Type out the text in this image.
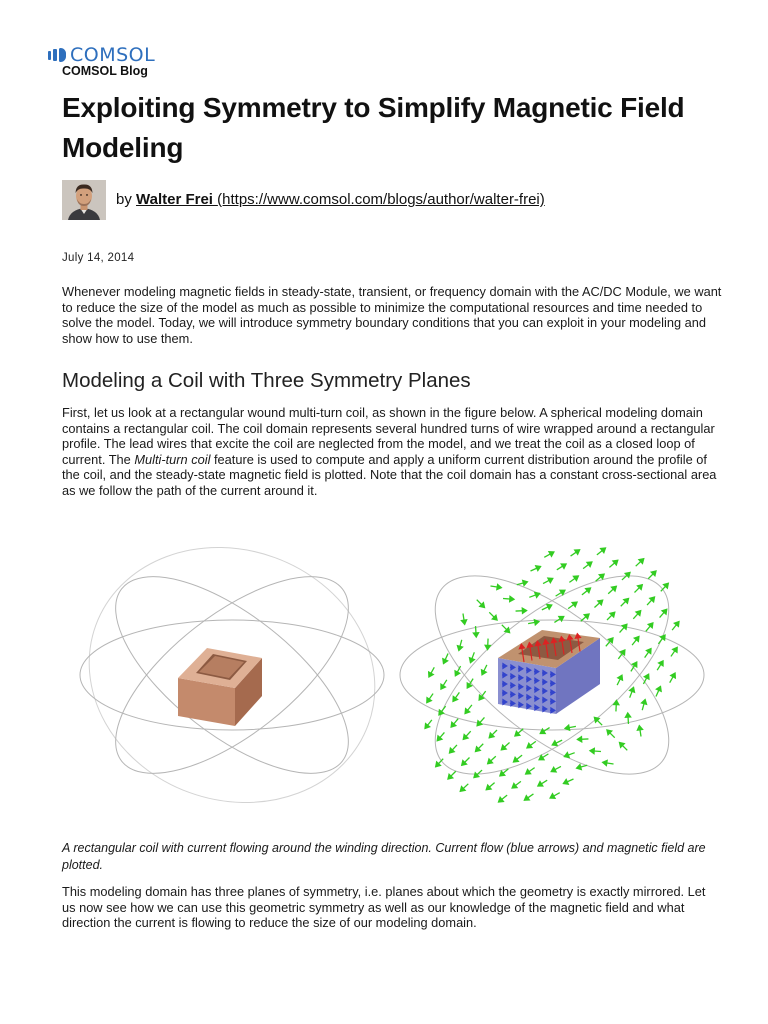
COMSOL
COMSOL Blog
Exploiting Symmetry to Simplify Magnetic Field Modeling
by Walter Frei (https://www.comsol.com/blogs/author/walter-frei)
July 14, 2014

Whenever modeling magnetic fields in steady-state, transient, or frequency domain with the AC/DC Module, we want to reduce the size of the model as much as possible to minimize the computational resources and time needed to solve the model. Today, we will introduce symmetry boundary conditions that you can exploit in your modeling and show how to use them.

Modeling a Coil with Three Symmetry Planes

First, let us look at a rectangular wound multi-turn coil, as shown in the figure below. A spherical modeling domain contains a rectangular coil. The coil domain represents several hundred turns of wire wrapped around a rectangular profile. The lead wires that excite the coil are neglected from the model, and we treat the coil as a closed loop of current. The Multi-turn coil feature is used to compute and apply a uniform current distribution around the profile of the coil, and the steady-state magnetic field is plotted. Note that the coil domain has a constant cross-sectional area as we follow the path of the current around it.

A rectangular coil with current flowing around the winding direction. Current flow (blue arrows) and magnetic field are plotted.

This modeling domain has three planes of symmetry, i.e. planes about which the geometry is exactly mirrored. Let us now see how we can use this geometric symmetry as well as our knowledge of the magnetic field and what direction the current is flowing to reduce the size of our modeling domain.
